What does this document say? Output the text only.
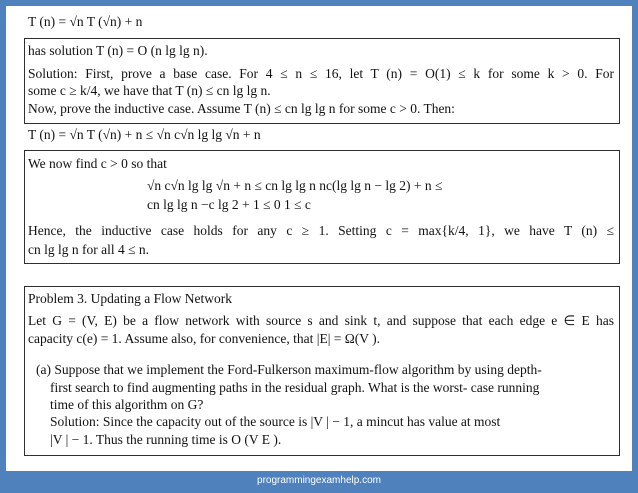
T (n) = √n T (√n) + n
has solution T (n) = O (n lg lg n).
Solution: First, prove a base case. For 4 ≤ n ≤ 16, let T (n) = O(1) ≤ k for some k > 0. For
some c ≥ k/4, we have that T (n) ≤ cn lg lg n.
Now, prove the inductive case. Assume T (n) ≤ cn lg lg n for some c > 0. Then:
T (n) = √n T (√n) + n ≤ √n c√n lg lg √n + n
We now find c > 0 so that
√n c√n lg lg √n + n ≤ cn lg lg n nc(lg lg n − lg 2) + n ≤
cn lg lg n −c lg 2 + 1 ≤ 0 1 ≤ c
Hence, the inductive case holds for any c ≥ 1. Setting c = max{k/4, 1}, we have T (n) ≤
cn lg lg n for all 4 ≤ n.
Problem 3. Updating a Flow Network
Let G = (V, E) be a flow network with source s and sink t, and suppose that each edge e ∈ E has
capacity c(e) = 1. Assume also, for convenience, that |E| = Ω(V ).
(a) Suppose that we implement the Ford-Fulkerson maximum-flow algorithm by using depth-
first search to find augmenting paths in the residual graph. What is the worst- case running
time of this algorithm on G?
Solution: Since the capacity out of the source is |V | − 1, a mincut has value at most
|V | − 1. Thus the running time is O (V E ).
programmingexamhelp.com
